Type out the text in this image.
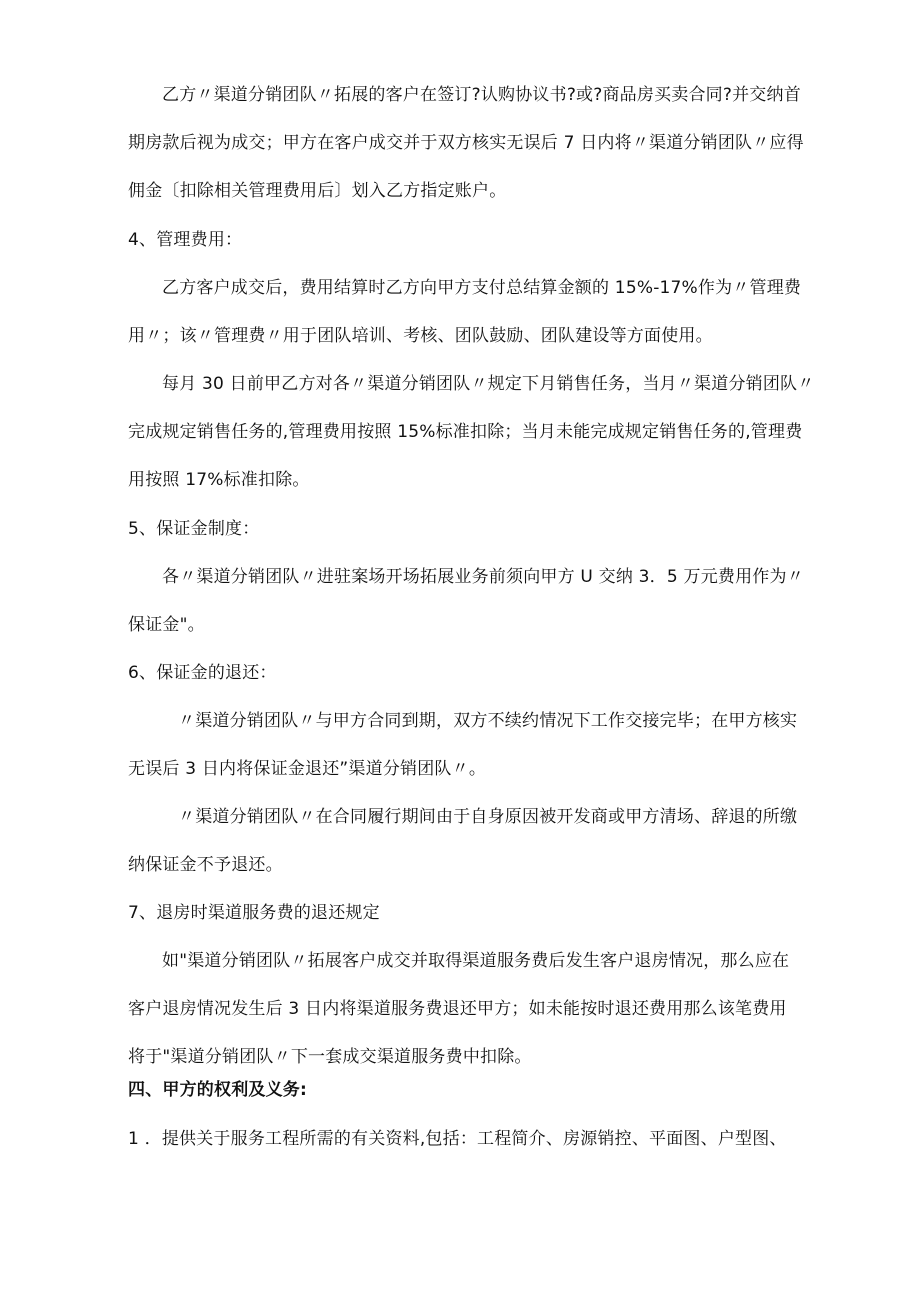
乙方〃渠道分销团队〃拓展的客户在签订?认购协议书?或?商品房买卖合同?并交纳首
期房款后视为成交；甲方在客户成交并于双方核实无误后 7 日内将〃渠道分销团队〃应得
佣金〔扣除相关管理费用后〕划入乙方指定账户。
4、管理费用：
乙方客户成交后，费用结算时乙方向甲方支付总结算金额的 15%-17%作为〃管理费
用〃；该〃管理费〃用于团队培训、考核、团队鼓励、团队建设等方面使用。
每月 30 日前甲乙方对各〃渠道分销团队〃规定下月销售任务，当月〃渠道分销团队〃
完成规定销售任务的,管理费用按照 15%标准扣除；当月未能完成规定销售任务的,管理费
用按照 17%标准扣除。
5、保证金制度：
各〃渠道分销团队〃进驻案场开场拓展业务前须向甲方 U 交纳 3．5 万元费用作为〃
保证金"。
6、保证金的退还：
〃渠道分销团队〃与甲方合同到期，双方不续约情况下工作交接完毕；在甲方核实
无误后 3 日内将保证金退还”渠道分销团队〃。
〃渠道分销团队〃在合同履行期间由于自身原因被开发商或甲方清场、辞退的所缴
纳保证金不予退还。
7、退房时渠道服务费的退还规定
如"渠道分销团队〃拓展客户成交并取得渠道服务费后发生客户退房情况，那么应在
客户退房情况发生后 3 日内将渠道服务费退还甲方；如未能按时退还费用那么该笔费用
将于"渠道分销团队〃下一套成交渠道服务费中扣除。
四、甲方的权利及义务:
1 ．提供关于服务工程所需的有关资料,包括：工程简介、房源销控、平面图、户型图、
